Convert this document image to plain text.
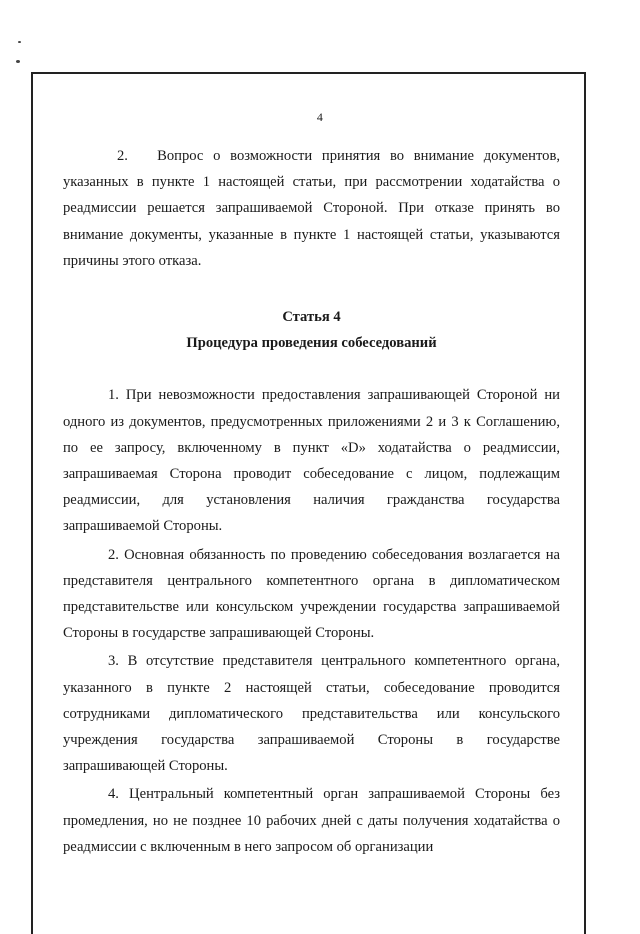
4

2.   Вопрос о возможности принятия во внимание документов, указанных в пункте 1 настоящей статьи, при рассмотрении ходатайства о реадмиссии решается запрашиваемой Стороной. При отказе принять во внимание документы, указанные в пункте 1 настоящей статьи, указываются причины этого отказа.

Статья 4
Процедура проведения собеседований

1. При невозможности предоставления запрашивающей Стороной ни одного из документов, предусмотренных приложениями 2 и 3 к Соглашению, по ее запросу, включенному в пункт «D» ходатайства о реадмиссии, запрашиваемая Сторона проводит собеседование с лицом, подлежащим реадмиссии, для установления наличия гражданства государства запрашиваемой Стороны.

2. Основная обязанность по проведению собеседования возлагается на представителя центрального компетентного органа в дипломатическом представительстве или консульском учреждении государства запрашиваемой Стороны в государстве запрашивающей Стороны.

3. В отсутствие представителя центрального компетентного органа, указанного в пункте 2 настоящей статьи, собеседование проводится сотрудниками дипломатического представительства или консульского учреждения государства запрашиваемой Стороны в государстве запрашивающей Стороны.

4. Центральный компетентный орган запрашиваемой Стороны без промедления, но не позднее 10 рабочих дней с даты получения ходатайства о реадмиссии с включенным в него запросом об организации
